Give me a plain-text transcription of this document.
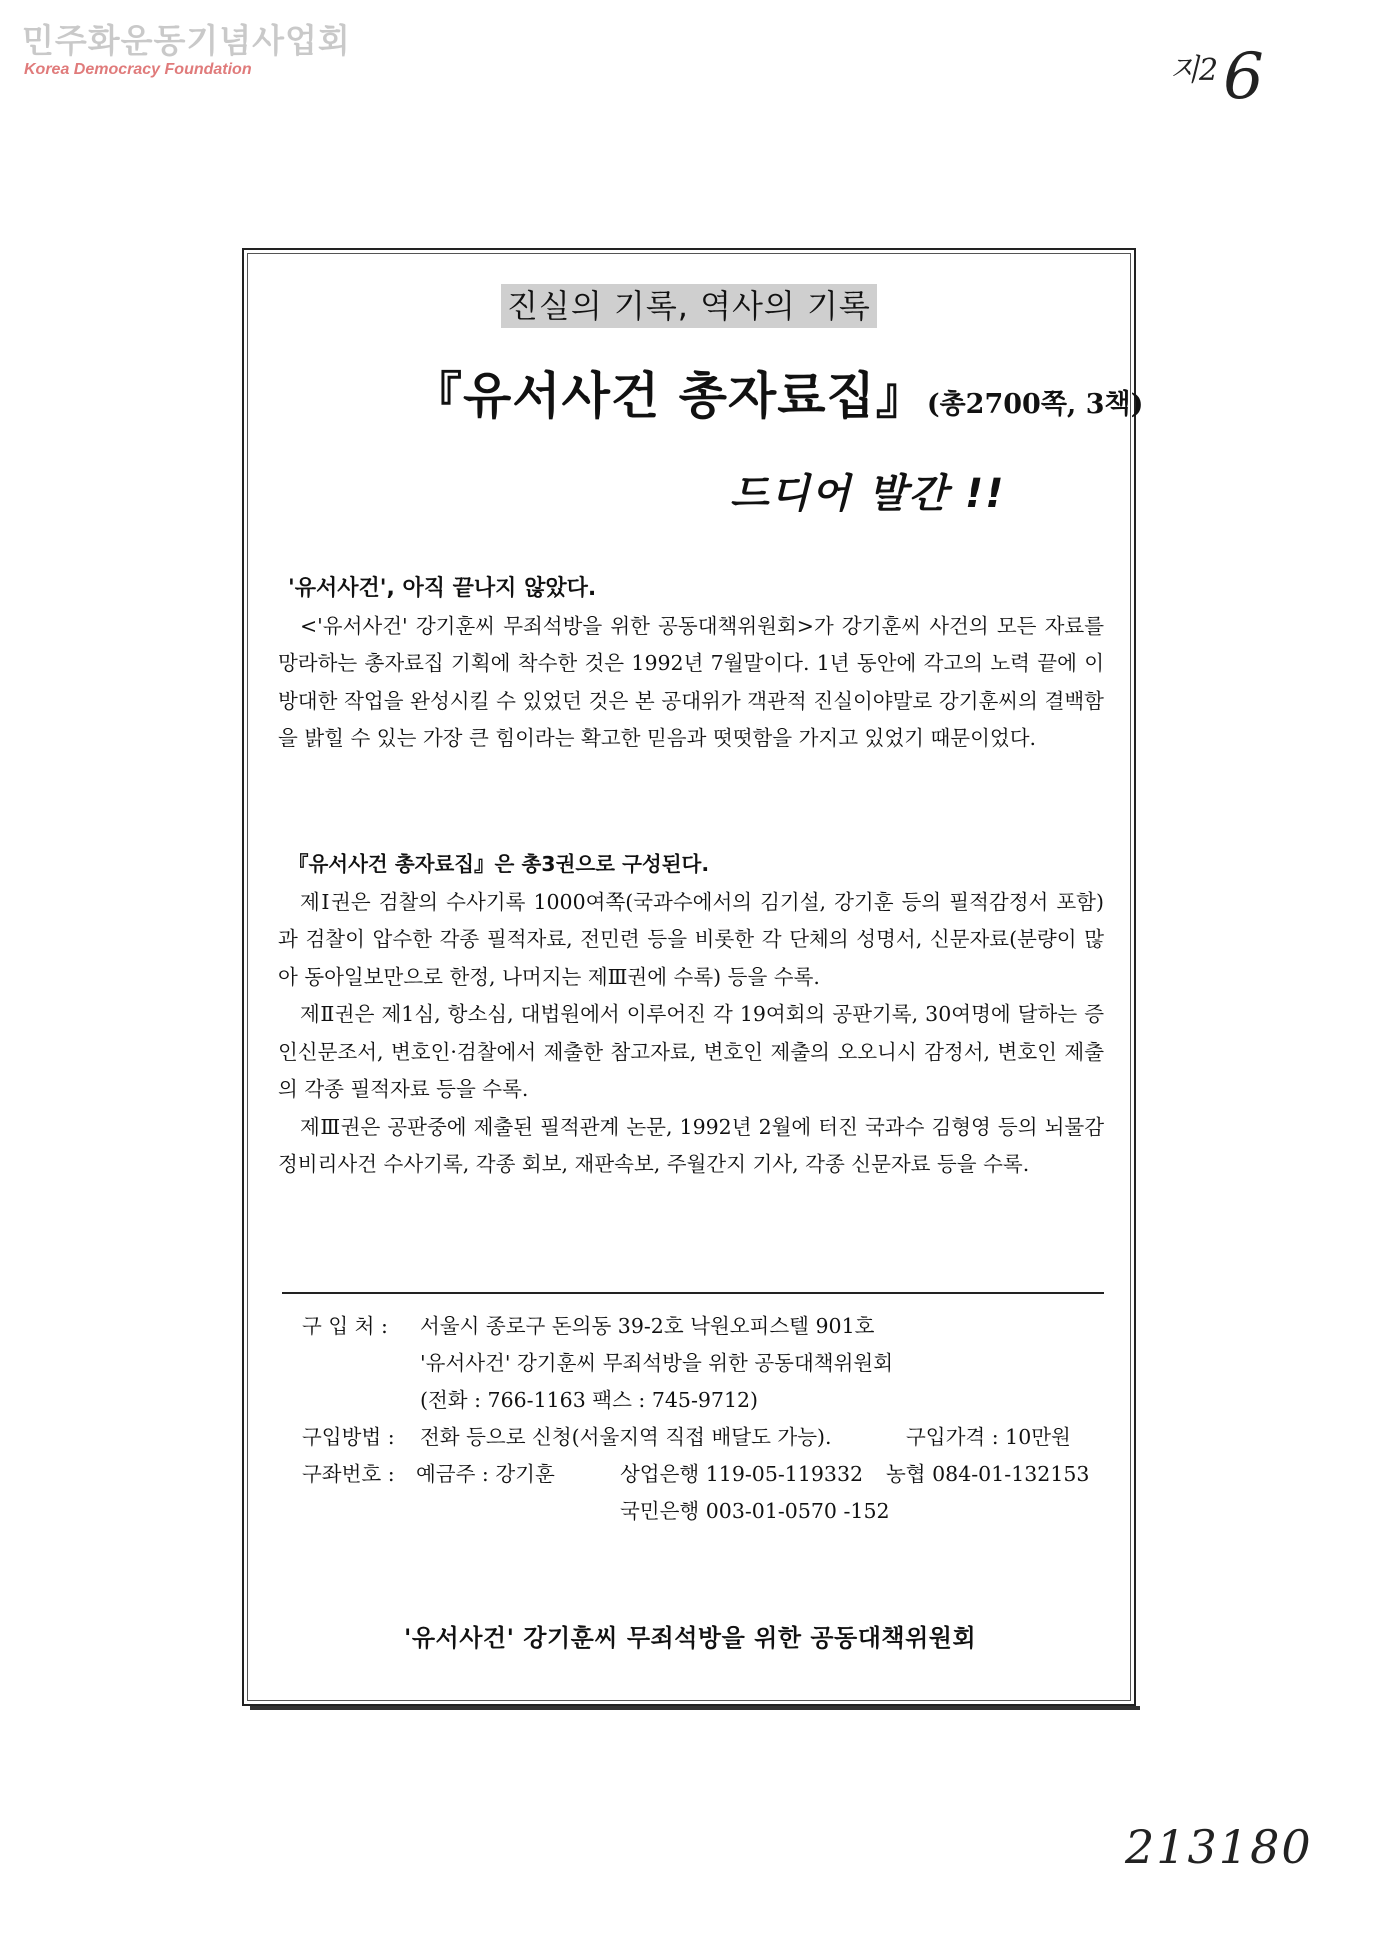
민주화운동기념사업회
Korea Democracy Foundation	지2 6
진실의 기록, 역사의 기록
『유서사건 총자료집』(총2700쪽, 3책)
드디어 발간 !!

'유서사건', 아직 끝나지 않았다.

<'유서사건' 강기훈씨 무죄석방을 위한 공동대책위원회>가 강기훈씨 사건의 모든 자료를 망라하는 총자료집 기획에 착수한 것은 1992년 7월말이다. 1년 동안에 각고의 노력 끝에 이 방대한 작업을 완성시킬 수 있었던 것은 본 공대위가 객관적 진실이야말로 강기훈씨의 결백함을 밝힐 수 있는 가장 큰 힘이라는 확고한 믿음과 떳떳함을 가지고 있었기 때문이었다.

『유서사건 총자료집』은 총3권으로 구성된다.

제Ⅰ권은 검찰의 수사기록 1000여쪽(국과수에서의 김기설, 강기훈 등의 필적감정서 포함)과 검찰이 압수한 각종 필적자료, 전민련 등을 비롯한 각 단체의 성명서, 신문자료(분량이 많아 동아일보만으로 한정, 나머지는 제Ⅲ권에 수록) 등을 수록.

제Ⅱ권은 제1심, 항소심, 대법원에서 이루어진 각 19여회의 공판기록, 30여명에 달하는 증인신문조서, 변호인·검찰에서 제출한 참고자료, 변호인 제출의 오오니시 감정서, 변호인 제출의 각종 필적자료 등을 수록.

제Ⅲ권은 공판중에 제출된 필적관계 논문, 1992년 2월에 터진 국과수 김형영 등의 뇌물감정비리사건 수사기록, 각종 회보, 재판속보, 주월간지 기사, 각종 신문자료 등을 수록.

구 입 처 : 서울시 종로구 돈의동 39-2호 낙원오피스텔 901호
'유서사건' 강기훈씨 무죄석방을 위한 공동대책위원회
(전화 : 766-1163 팩스 : 745-9712)
구입방법 : 전화 등으로 신청(서울지역 직접 배달도 가능).	구입가격 : 10만원
구좌번호 : 예금주 : 강기훈	상업은행 119-05-119332 농협 084-01-132153
국민은행 003-01-0570 -152
'유서사건' 강기훈씨 무죄석방을 위한 공동대책위원회
213180
